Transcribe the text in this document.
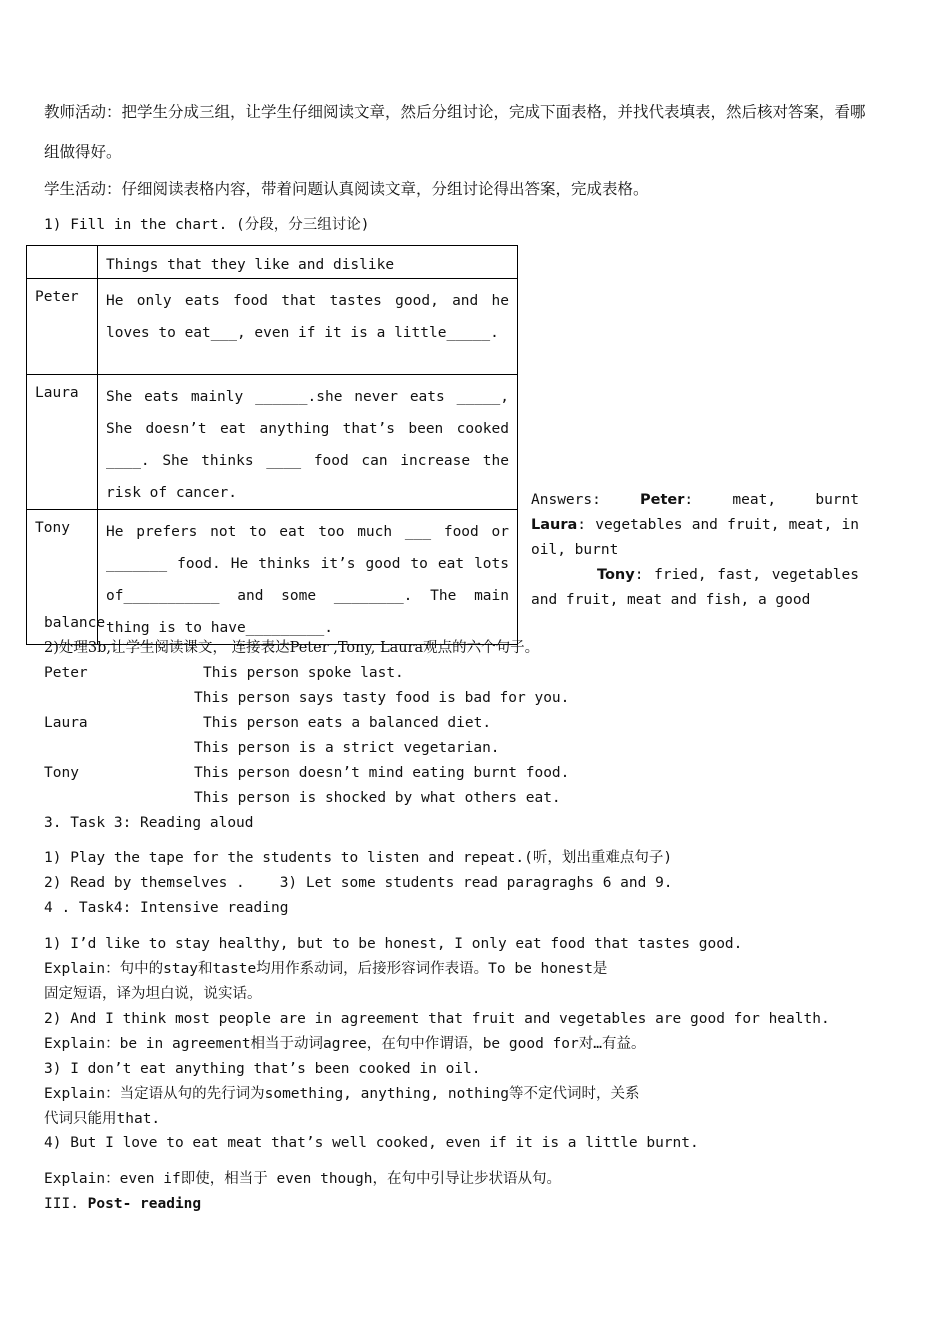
教师活动：把学生分成三组，让学生仔细阅读文章，然后分组讨论，完成下面表格，并找代表填表，然后核对答案，看哪组做得好。
学生活动：仔细阅读表格内容，带着问题认真阅读文章，分组讨论得出答案，完成表格。
1) Fill in the chart. (分段，分三组讨论)
	Things that they like and dislike
Peter	He only eats food that tastes good, and he loves to eat___, even if it is a little_____.
Laura	She eats mainly ______.she never eats _____, She doesn’t eat anything that’s been cooked ____. She thinks ____ food can increase the risk of cancer.
Tony	He prefers not to eat too much ___ food or _______ food. He thinks it’s good to eat lots of___________ and some ________. The main thing is to have_________.
Answers:	Peter:	meat,	burnt
Laura: vegetables and fruit, meat, in oil, burnt
Tony: fried, fast, vegetables and fruit, meat and fish, a good
balance
2)处理3b,让学生阅读课文， 连接表达Peter ,Tony, Laura观点的六个句子。
Peter	This person spoke last.
This person says tasty food is bad for you.
Laura	This person eats a balanced diet.
This person is a strict vegetarian.
Tony	This person doesn’t mind eating burnt food.
This person is shocked by what others eat.
3. Task 3: Reading aloud
1) Play the tape for the students to listen and repeat.(听，划出重难点句子)
2) Read by themselves .    3) Let some students read paragraghs 6 and 9.
4 . Task4: Intensive reading
1) I’d like to stay healthy, but to be honest, I only eat food that tastes good.
Explain：句中的stay和taste均用作系动词，后接形容词作表语。To be honest是
固定短语，译为坦白说，说实话。
2) And I think most people are in agreement that fruit and vegetables are good for health.
Explain：be in agreement相当于动词agree，在句中作谓语，be good for对…有益。
3) I don’t eat anything that’s been cooked in oil.
Explain：当定语从句的先行词为something, anything, nothing等不定代词时，关系
代词只能用that.
4) But I love to eat meat that’s well cooked, even if it is a little burnt.
Explain：even if即使，相当于 even though，在句中引导让步状语从句。
III. Post- reading
